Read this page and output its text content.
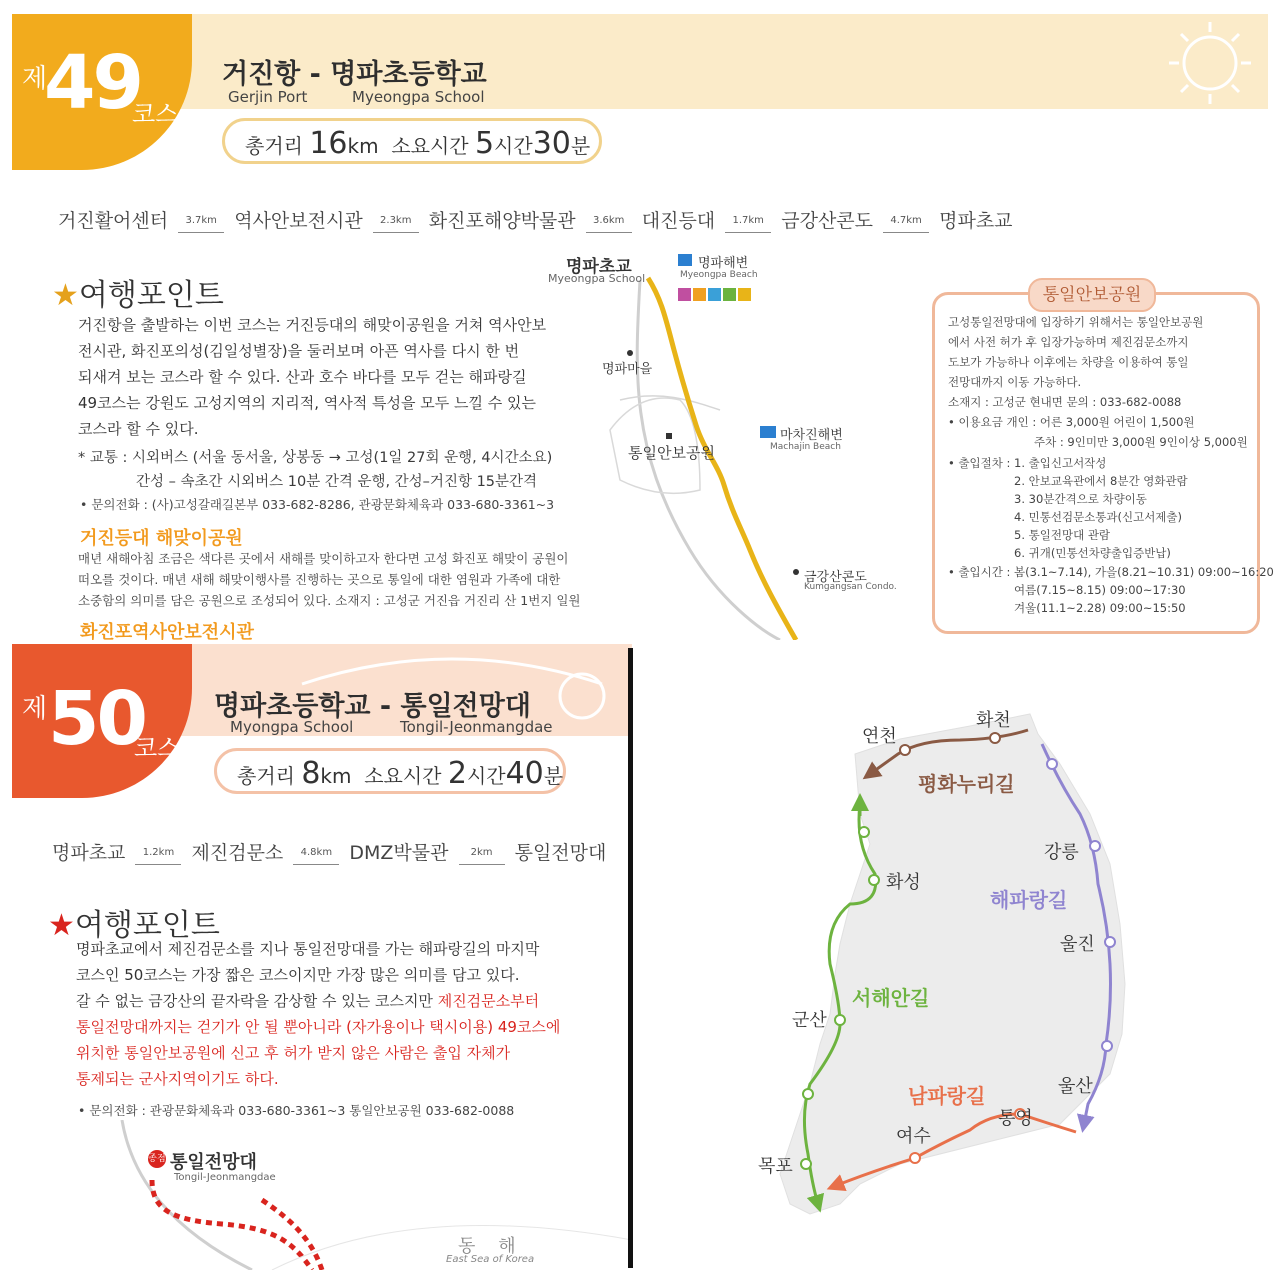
제
49
코스
거진항 - 명파초등학교
Gerjin Port	Myeongpa School
총거리 16km 소요시간 5시간30분
거진활어센터	3.7km 역사안보전시관	2.3km 화진포해양박물관	3.6km 대진등대	1.7km 금강산콘도	4.7km 명파초교
★여행포인트
거진항을 출발하는 이번 코스는 거진등대의 해맞이공원을 거쳐 역사안보
전시관, 화진포의성(김일성별장)을 둘러보며 아픈 역사를 다시 한 번
되새겨 보는 코스라 할 수 있다. 산과 호수 바다를 모두 걷는 해파랑길
49코스는 강원도 고성지역의 지리적, 역사적 특성을 모두 느낄 수 있는
코스라 할 수 있다.
* 교통 : 시외버스 (서울 동서울, 상봉동 → 고성(1일 27회 운행, 4시간소요)
간성 – 속초간 시외버스 10분 간격 운행, 간성–거진항 15분간격
• 문의전화 : (사)고성갈래길본부 033-682-8286, 관광문화체육과 033-680-3361~3
거진등대 해맞이공원
매년 새해아침 조금은 색다른 곳에서 새해를 맞이하고자 한다면 고성 화진포 해맞이 공원이
떠오를 것이다. 매년 새해 해맞이행사를 진행하는 곳으로 통일에 대한 염원과 가족에 대한
소중함의 의미를 담은 공원으로 조성되어 있다. 소재지 : 고성군 거진읍 거진리 산 1번지 일원
화진포역사안보전시관
명파초교
Myeongpa School
명파해변
Myeongpa Beach
명파마을
통일안보공원
마차진해변
Machajin Beach
금강산콘도
Kumgangsan Condo.
통일안보공원
고성통일전망대에 입장하기 위해서는 통일안보공원
에서 사전 허가 후 입장가능하며 제진검문소까지
도보가 가능하나 이후에는 차량을 이용하여 통일
전망대까지 이동 가능하다.
소재지 : 고성군 현내면 문의 : 033-682-0088
• 이용요금 개인 : 어른 3,000원 어린이 1,500원
주차 : 9인미만 3,000원 9인이상 5,000원
• 출입절차 : 1. 출입신고서작성
2. 안보교육관에서 8분간 영화관람
3. 30분간격으로 차량이동
4. 민통선검문소통과(신고서제출)
5. 통일전망대 관람
6. 귀개(민통선차량출입증반납)
• 출입시간 : 봄(3.1~7.14), 가을(8.21~10.31) 09:00~16:20
여름(7.15~8.15) 09:00~17:30
겨울(11.1~2.28) 09:00~15:50
제 50
코스
명파초등학교 - 통일전망대
Myongpa School	Tongil-Jeonmangdae
총거리 8km 소요시간 2시간40분
명파초교	1.2km 제진검문소	4.8km DMZ박물관	2km	통일전망대
★여행포인트
명파초교에서 제진검문소를 지나 통일전망대를 가는 해파랑길의 마지막
코스인 50코스는 가장 짧은 코스이지만 가장 많은 의미를 담고 있다.
갈 수 없는 금강산의 끝자락을 감상할 수 있는 코스지만 제진검문소부터
통일전망대까지는 걷기가 안 될 뿐아니라 (자가용이나 택시이용) 49코스에
위치한 통일안보공원에 신고 후 허가 받지 않은 사람은 출입 자체가
통제되는 군사지역이기도 하다.
• 문의전화 : 관광문화체육과 033-680-3361~3 통일안보공원 033-682-0088
종점 통일전망대
Tongil-Jeonmangdae
동    해
East Sea of Korea
연천
화천
평화누리길
강릉
해파랑길
울진
울산
통영
남파랑길
여수
목포
군산
서해안길
화성
